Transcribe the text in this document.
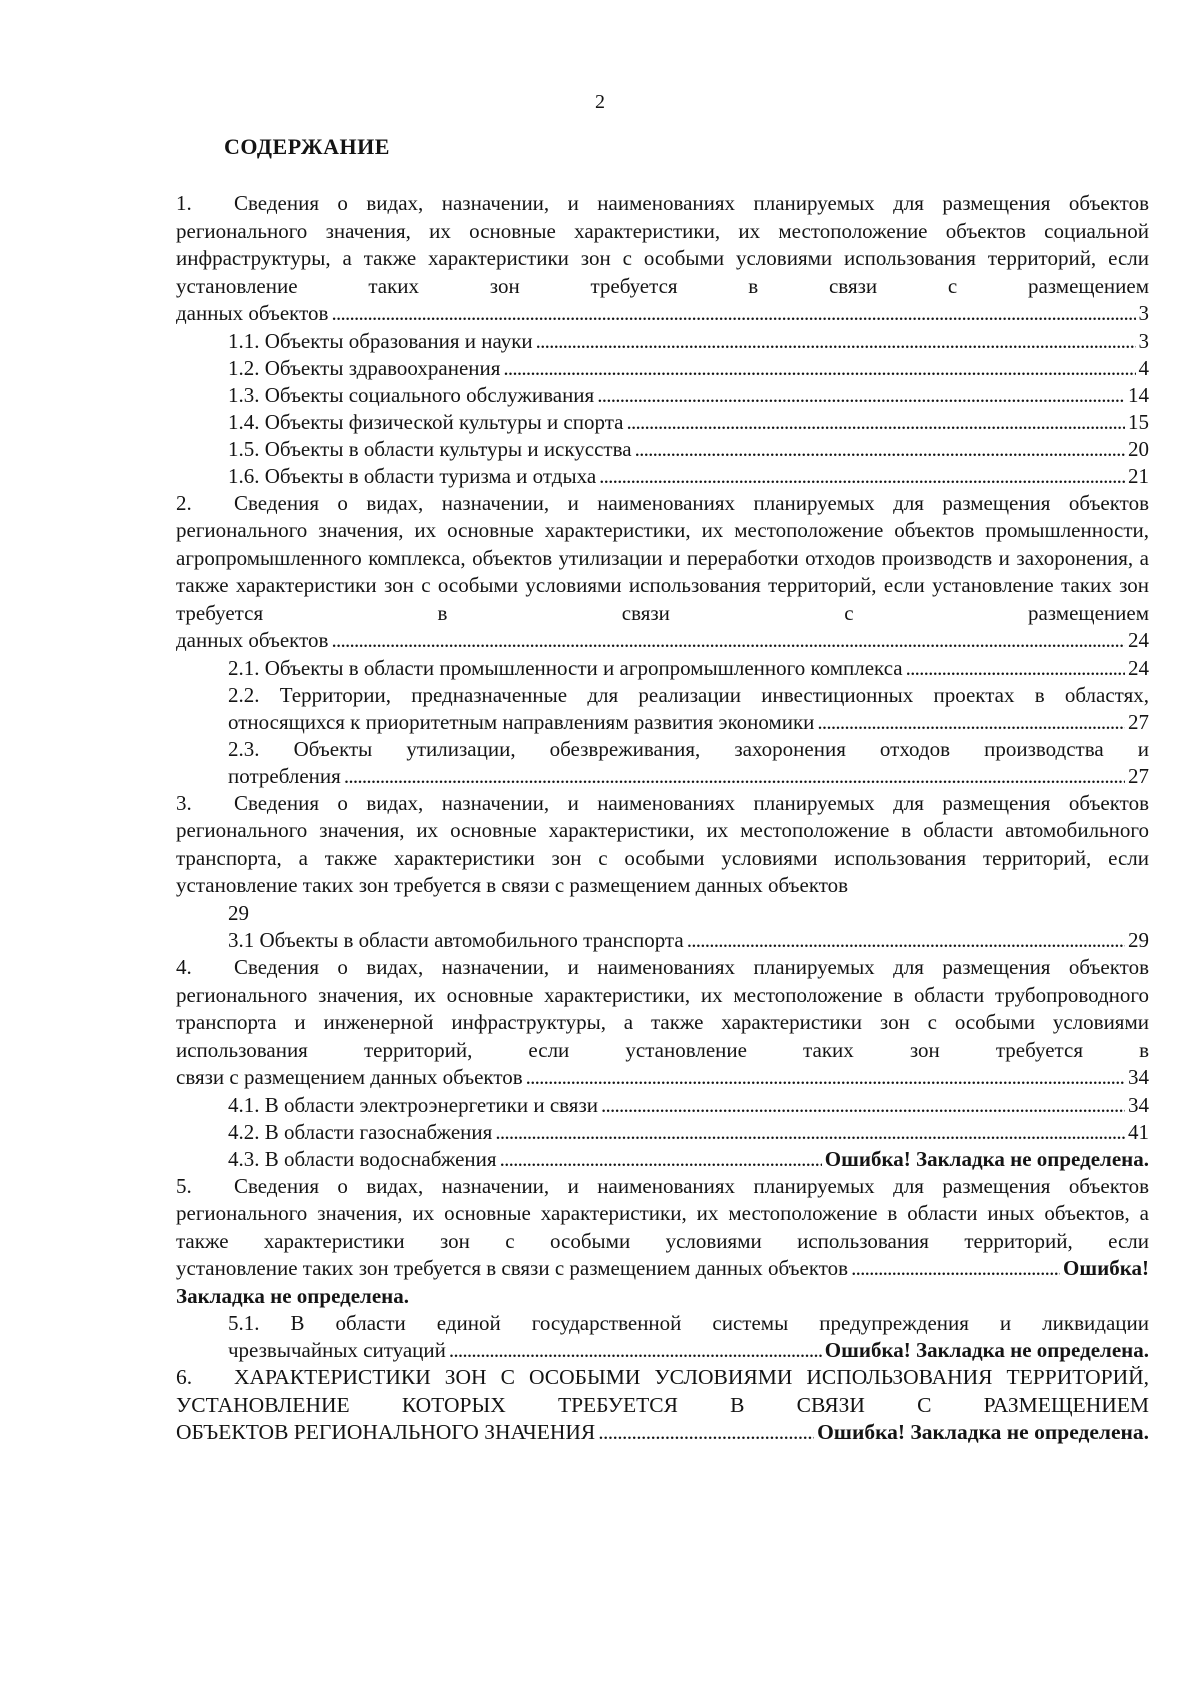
2
СОДЕРЖАНИЕ
1. Сведения о видах, назначении, и наименованиях планируемых для размещения объектов регионального значения, их основные характеристики, их местоположение объектов социальной инфраструктуры, а также характеристики зон с особыми условиями использования территорий, если установление таких зон требуется в связи с размещением
данных объектов . . .	3
1.1. Объекты образования и науки . . .	3
1.2. Объекты здравоохранения . . .	4
1.3. Объекты социального обслуживания . . .	14
1.4. Объекты физической культуры и спорта . . .	15
1.5. Объекты в области культуры и искусства . . .	20
1.6. Объекты в области туризма и отдыха . . .	21
2. Сведения о видах, назначении, и наименованиях планируемых для размещения объектов регионального значения, их основные характеристики, их местоположение объектов промышленности, агропромышленного комплекса, объектов утилизации и переработки отходов производств и захоронения, а также характеристики зон с особыми условиями использования территорий, если установление таких зон требуется в связи с размещением
данных объектов . . .	24
2.1. Объекты в области промышленности и агропромышленного комплекса . . .	24
2.2. Территории, предназначенные для реализации инвестиционных проектах в областях,
относящихся к приоритетным направлениям развития экономики . . .	27
2.3. Объекты утилизации, обезвреживания, захоронения отходов производства и
потребления . . .	27
3. Сведения о видах, назначении, и наименованиях планируемых для размещения объектов регионального значения, их основные характеристики, их местоположение в области автомобильного транспорта, а также характеристики зон с особыми условиями использования территорий, если установление таких зон требуется в связи с размещением данных объектов
29
3.1 Объекты в области автомобильного транспорта . . .	29
4. Сведения о видах, назначении, и наименованиях планируемых для размещения объектов регионального значения, их основные характеристики, их местоположение в области трубопроводного транспорта и инженерной инфраструктуры, а также характеристики зон с особыми условиями использования территорий, если установление таких зон требуется в
связи с размещением данных объектов . . .	34
4.1. В области электроэнергетики и связи . . .	34
4.2. В области газоснабжения . . .	41
4.3. В области водоснабжения . . .	Ошибка! Закладка не определена.
5. Сведения о видах, назначении, и наименованиях планируемых для размещения объектов регионального значения, их основные характеристики, их местоположение в области иных объектов, а также характеристики зон с особыми условиями использования территорий, если
установление таких зон требуется в связи с размещением данных объектов . . .	Ошибка!
Закладка не определена.
5.1. В области единой государственной системы предупреждения и ликвидации
чрезвычайных ситуаций . . .	Ошибка! Закладка не определена.
6. ХАРАКТЕРИСТИКИ ЗОН С ОСОБЫМИ УСЛОВИЯМИ ИСПОЛЬЗОВАНИЯ ТЕРРИТОРИЙ, УСТАНОВЛЕНИЕ КОТОРЫХ ТРЕБУЕТСЯ В СВЯЗИ С РАЗМЕЩЕНИЕМ
ОБЪЕКТОВ РЕГИОНАЛЬНОГО ЗНАЧЕНИЯ . . .	Ошибка! Закладка не определена.
